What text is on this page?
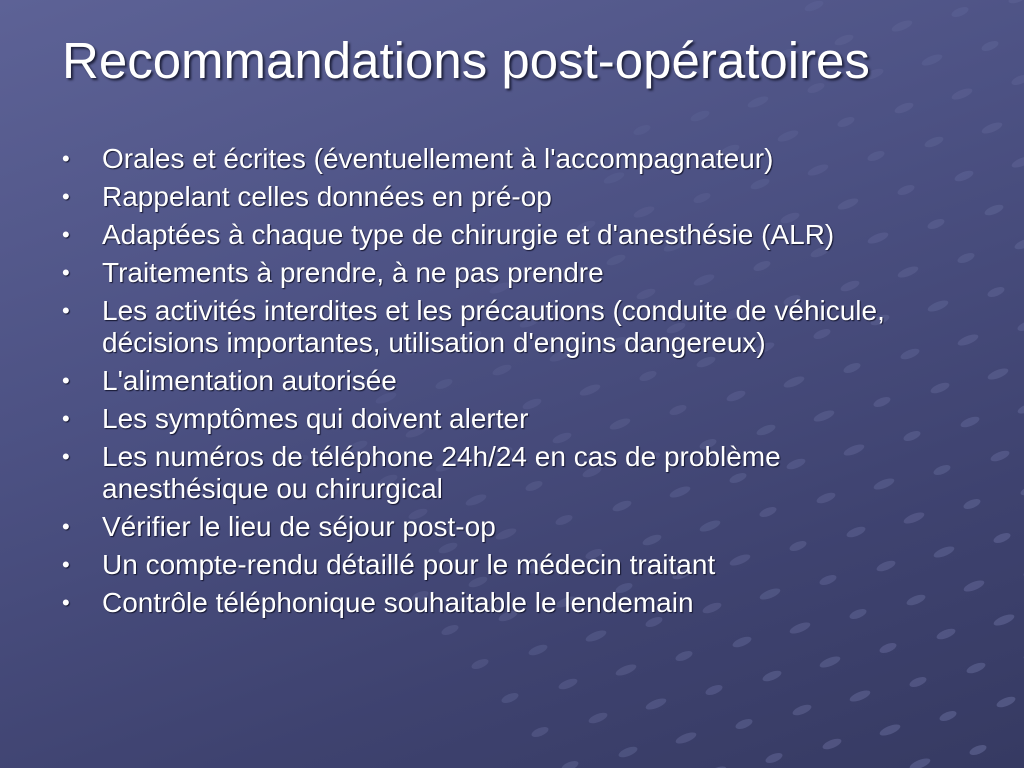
Recommandations post-opératoires
• Orales et écrites (éventuellement à l'accompagnateur)
• Rappelant celles données en pré-op
• Adaptées à chaque type de chirurgie et d'anesthésie (ALR)
• Traitements à prendre, à ne pas prendre
• Les activités interdites et les précautions (conduite de véhicule, décisions importantes, utilisation d'engins dangereux)
• L'alimentation autorisée
• Les symptômes qui doivent alerter
• Les numéros de téléphone 24h/24 en cas de problème anesthésique ou chirurgical
• Vérifier le lieu de séjour post-op
• Un compte-rendu détaillé pour le médecin traitant
• Contrôle téléphonique souhaitable le lendemain
